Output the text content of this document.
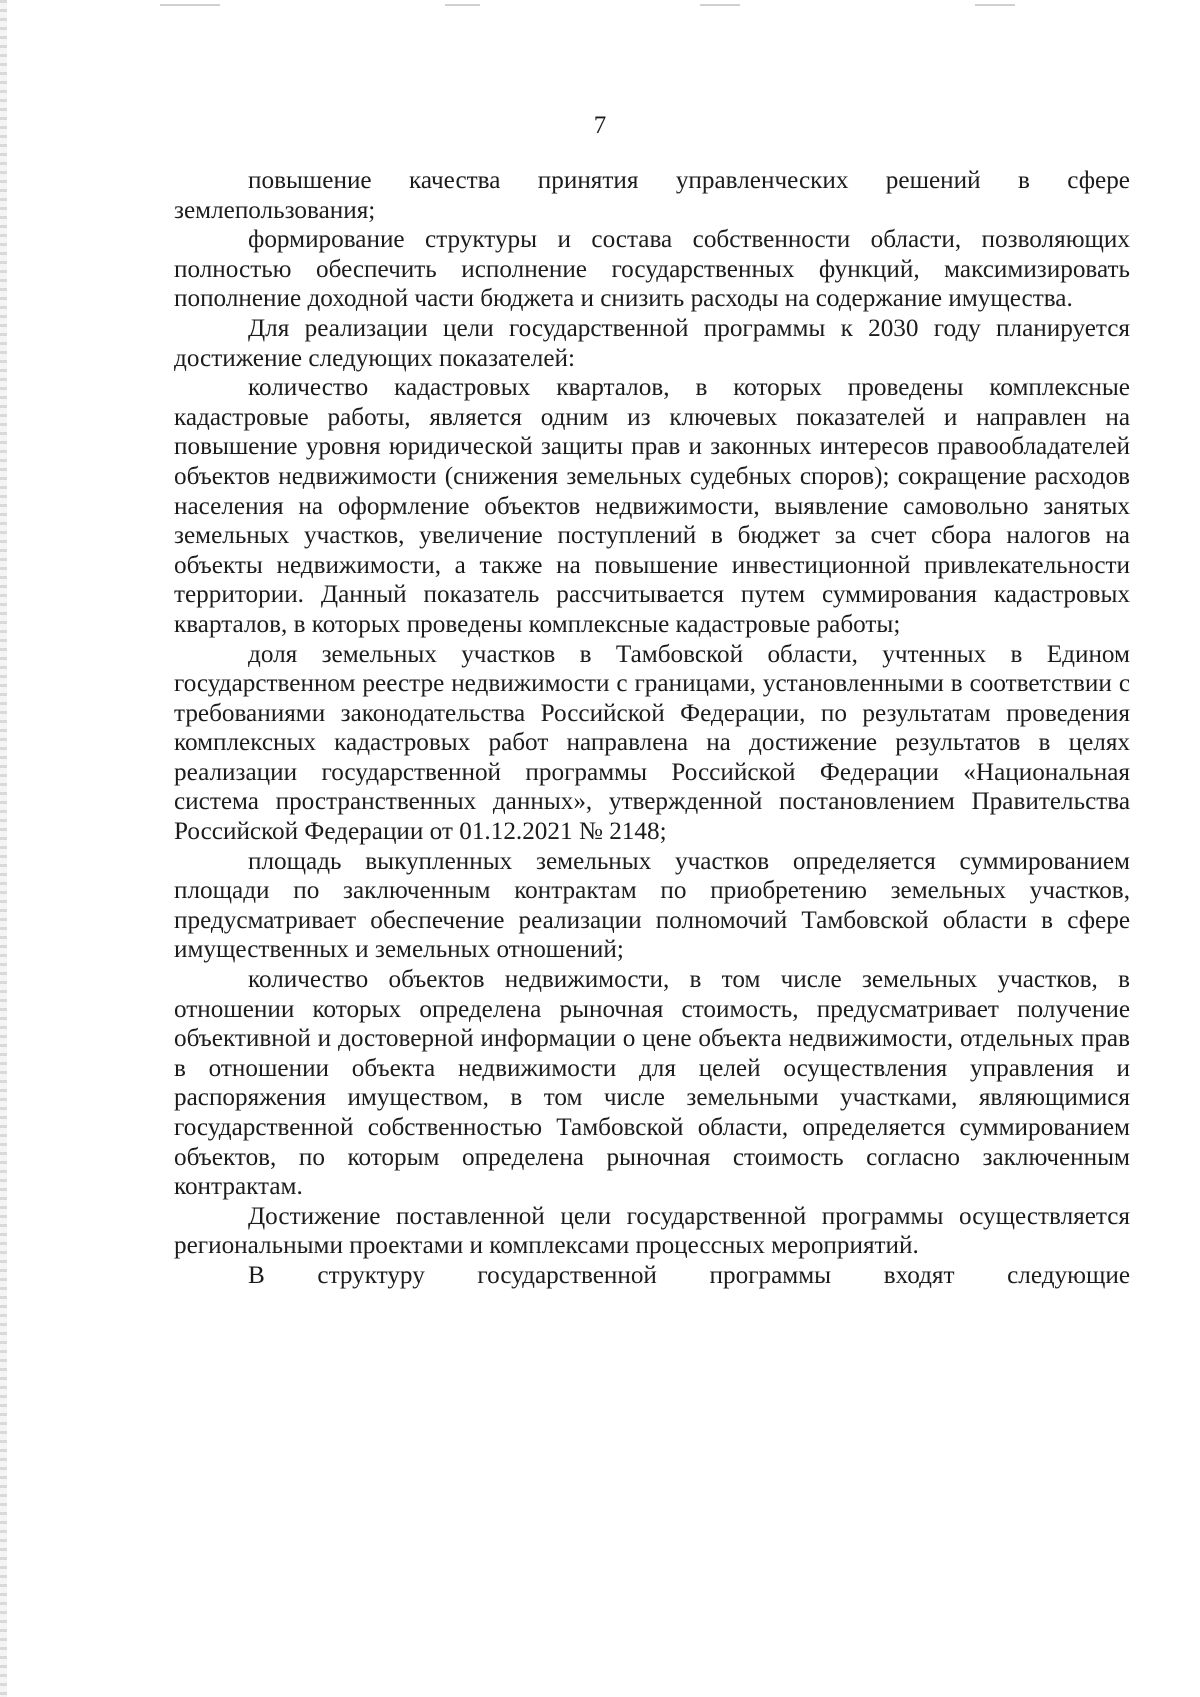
7

повышение качества принятия управленческих решений в сфере землепользования;

формирование структуры и состава собственности области, позволяющих полностью обеспечить исполнение государственных функций, максимизировать пополнение доходной части бюджета и снизить расходы на содержание имущества.

Для реализации цели государственной программы к 2030 году планируется достижение следующих показателей:

количество кадастровых кварталов, в которых проведены комплексные кадастровые работы, является одним из ключевых показателей и направлен на повышение уровня юридической защиты прав и законных интересов правообладателей объектов недвижимости (снижения земельных судебных споров); сокращение расходов населения на оформление объектов недвижимости, выявление самовольно занятых земельных участков, увеличение поступлений в бюджет за счет сбора налогов на объекты недвижимости, а также на повышение инвестиционной привлекательности территории. Данный показатель рассчитывается путем суммирования кадастровых кварталов, в которых проведены комплексные кадастровые работы;

доля земельных участков в Тамбовской области, учтенных в Едином государственном реестре недвижимости с границами, установленными в соответствии с требованиями законодательства Российской Федерации, по результатам проведения комплексных кадастровых работ направлена на достижение результатов в целях реализации государственной программы Российской Федерации «Национальная система пространственных данных», утвержденной постановлением Правительства Российской Федерации от 01.12.2021 № 2148;

площадь выкупленных земельных участков определяется суммированием площади по заключенным контрактам по приобретению земельных участков, предусматривает обеспечение реализации полномочий Тамбовской области в сфере имущественных и земельных отношений;

количество объектов недвижимости, в том числе земельных участков, в отношении которых определена рыночная стоимость, предусматривает получение объективной и достоверной информации о цене объекта недвижимости, отдельных прав в отношении объекта недвижимости для целей осуществления управления и распоряжения имуществом, в том числе земельными участками, являющимися государственной собственностью Тамбовской области, определяется суммированием объектов, по которым определена рыночная стоимость согласно заключенным контрактам.

Достижение поставленной цели государственной программы осуществляется региональными проектами и комплексами процессных мероприятий.

В структуру государственной программы входят следующие
